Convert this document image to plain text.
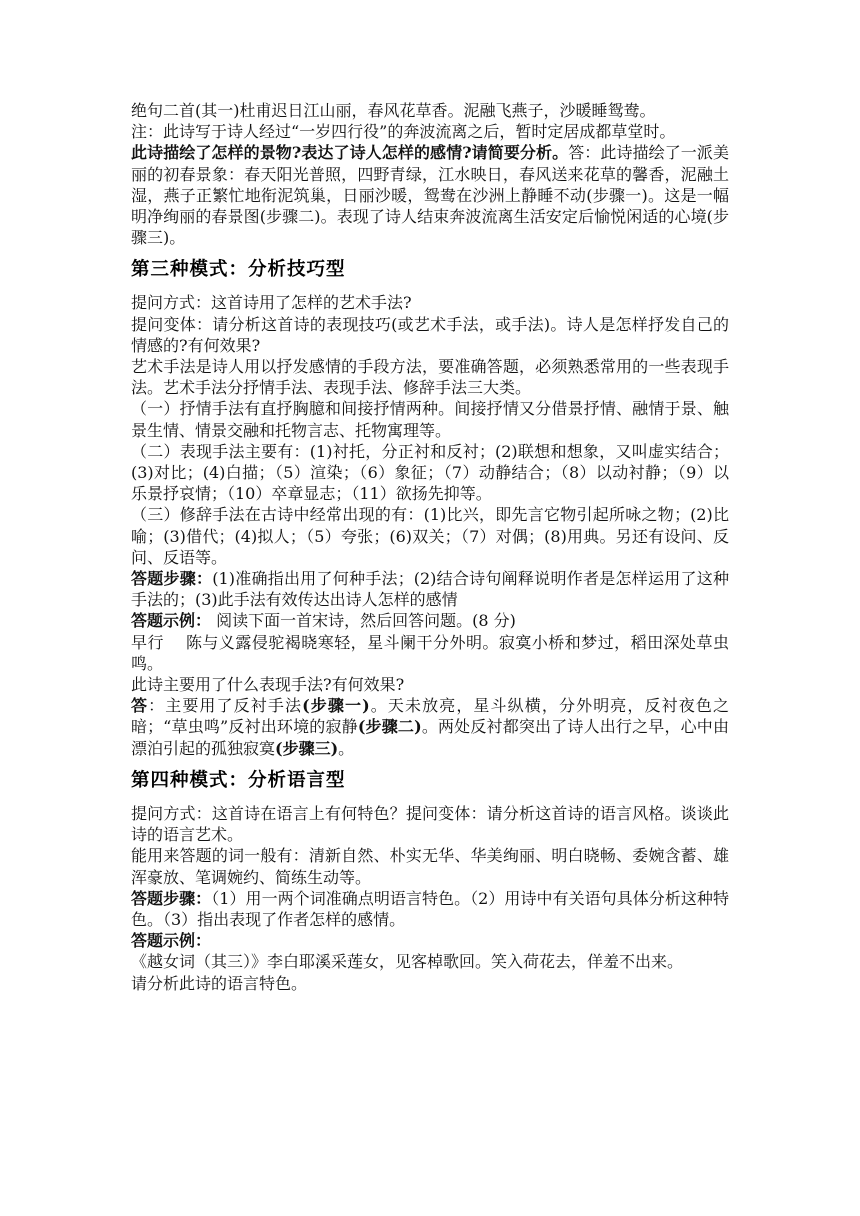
绝句二首(其一)杜甫迟日江山丽，春风花草香。泥融飞燕子，沙暖睡鸳鸯。

注：此诗写于诗人经过“一岁四行役”的奔波流离之后，暂时定居成都草堂时。

此诗描绘了怎样的景物?表达了诗人怎样的感情?请简要分析。答：此诗描绘了一派美丽的初春景象：春天阳光普照，四野青绿，江水映日，春风送来花草的馨香，泥融土湿，燕子正繁忙地衔泥筑巢，日丽沙暖，鸳鸯在沙洲上静睡不动(步骤一)。这是一幅明净绚丽的春景图(步骤二)。表现了诗人结束奔波流离生活安定后愉悦闲适的心境(步骤三)。

第三种模式：分析技巧型

提问方式：这首诗用了怎样的艺术手法?

提问变体：请分析这首诗的表现技巧(或艺术手法，或手法)。诗人是怎样抒发自己的情感的?有何效果?

艺术手法是诗人用以抒发感情的手段方法，要准确答题，必须熟悉常用的一些表现手法。艺术手法分抒情手法、表现手法、修辞手法三大类。

（一）抒情手法有直抒胸臆和间接抒情两种。间接抒情又分借景抒情、融情于景、触景生情、情景交融和托物言志、托物寓理等。

（二）表现手法主要有：(1)衬托，分正衬和反衬；(2)联想和想象，又叫虚实结合；(3)对比；(4)白描；（5）渲染；（6）象征；（7）动静结合；（8）以动衬静；（9）以乐景抒哀情；（10）卒章显志；（11）欲扬先抑等。

（三）修辞手法在古诗中经常出现的有：(1)比兴，即先言它物引起所咏之物；(2)比喻；(3)借代；(4)拟人；（5）夸张；(6)双关；（7）对偶；(8)用典。另还有设问、反问、反语等。

答题步骤：(1)准确指出用了何种手法；(2)结合诗句阐释说明作者是怎样运用了这种手法的；(3)此手法有效传达出诗人怎样的感情

答题示例： 阅读下面一首宋诗，然后回答问题。(8 分)

早行　 陈与义露侵驼褐晓寒轻，星斗阑干分外明。寂寞小桥和梦过，稻田深处草虫鸣。

此诗主要用了什么表现手法?有何效果?

答：主要用了反衬手法(步骤一)。天未放亮，星斗纵横，分外明亮，反衬夜色之暗；“草虫鸣”反衬出环境的寂静(步骤二)。两处反衬都突出了诗人出行之早，心中由漂泊引起的孤独寂寞(步骤三)。

第四种模式：分析语言型

提问方式：这首诗在语言上有何特色？提问变体：请分析这首诗的语言风格。谈谈此诗的语言艺术。

能用来答题的词一般有：清新自然、朴实无华、华美绚丽、明白晓畅、委婉含蓄、雄浑豪放、笔调婉约、简练生动等。

答题步骤：（1）用一两个词准确点明语言特色。（2）用诗中有关语句具体分析这种特色。（3）指出表现了作者怎样的感情。

答题示例：

《越女词（其三）》李白耶溪采莲女，见客棹歌回。笑入荷花去，佯羞不出来。

请分析此诗的语言特色。
